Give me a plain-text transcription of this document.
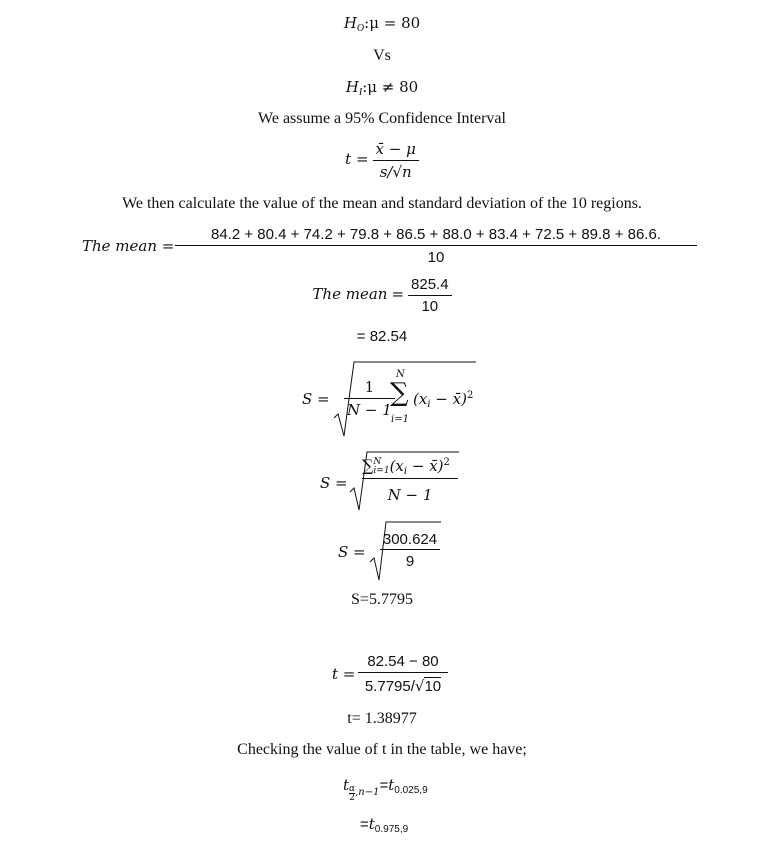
$H_O:\mu = 80$
Vs
$H_I:\mu \ne 80$
We assume a 95% Confidence Interval
$t = \frac{x̄ - \mu}{s/√n}$
We then calculate the value of the mean and standard deviation of the 10 regions.
The mean =
84.2 + 80.4 + 74.2 + 79.8 + 86.5 + 88.0 + 83.4 + 72.5 + 89.8 + 86.6.
10
The mean = $\frac{825.4}{10}$
= 82.54
$S = \frac{1}{N - 1}$
N
∑
i=1
($x_i$ − x̄)$^2$
S =
∑ N
i=1 ($x_i$ − x̄)$^2$
N − 1
S =
300.624
9
S=5.7795
t =
82.54 − 80
5.7795/√10
t= 1.38977
Checking the value of t in the table, we have;
t $\frac{\alpha}{2} _{,n-1}=t0.025,9$
=t0.975,9
